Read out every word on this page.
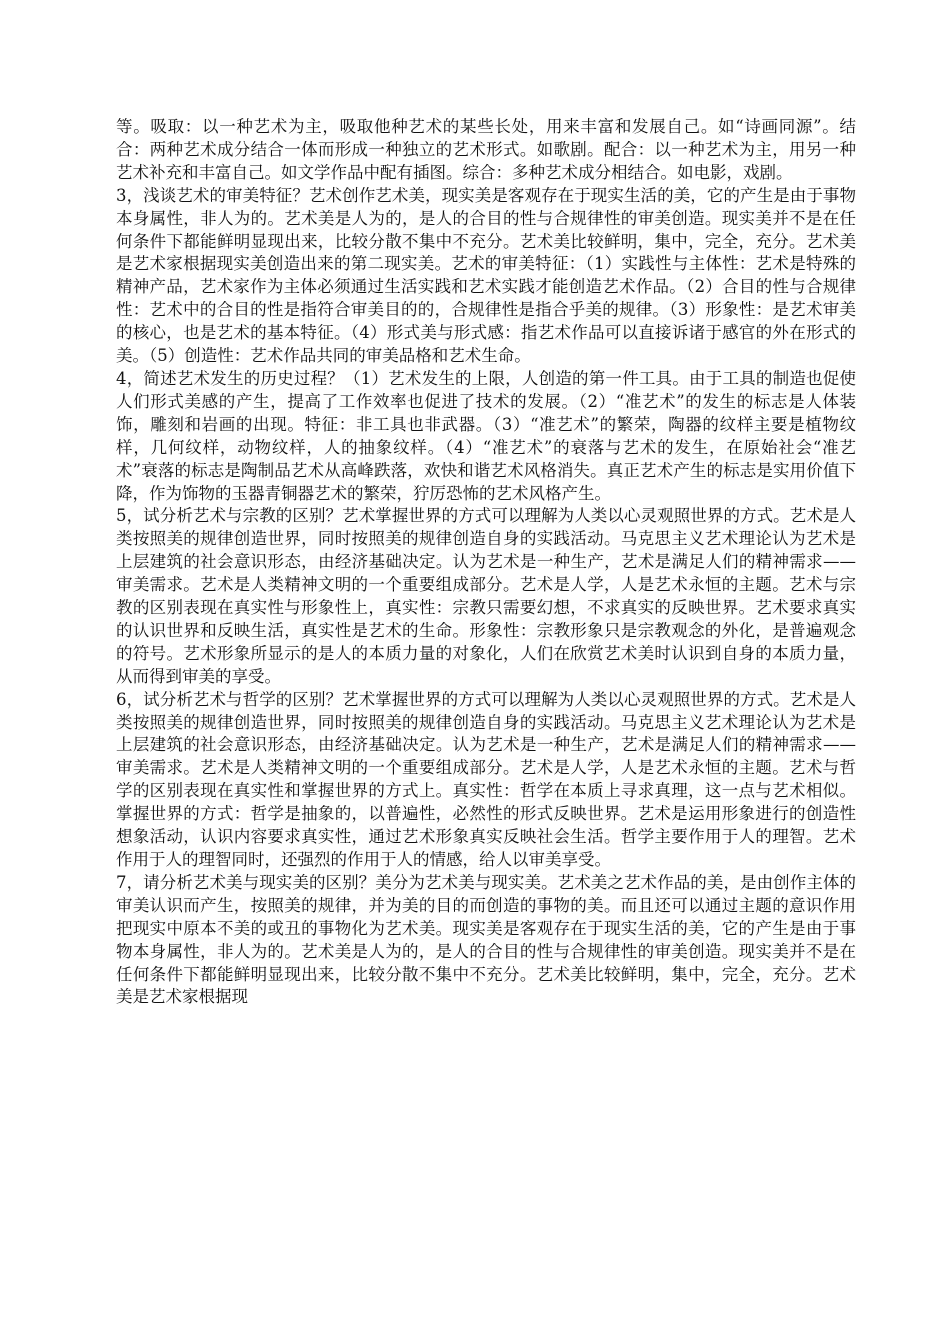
等。吸取：以一种艺术为主，吸取他种艺术的某些长处，用来丰富和发展自己。如“诗画同源”。结合：两种艺术成分结合一体而形成一种独立的艺术形式。如歌剧。配合：以一种艺术为主，用另一种艺术补充和丰富自己。如文学作品中配有插图。综合：多种艺术成分相结合。如电影，戏剧。

3，浅谈艺术的审美特征？艺术创作艺术美，现实美是客观存在于现实生活的美，它的产生是由于事物本身属性，非人为的。艺术美是人为的，是人的合目的性与合规律性的审美创造。现实美并不是在任何条件下都能鲜明显现出来，比较分散不集中不充分。艺术美比较鲜明，集中，完全，充分。艺术美是艺术家根据现实美创造出来的第二现实美。艺术的审美特征：（1）实践性与主体性：艺术是特殊的精神产品，艺术家作为主体必须通过生活实践和艺术实践才能创造艺术作品。（2）合目的性与合规律性：艺术中的合目的性是指符合审美目的的，合规律性是指合乎美的规律。（3）形象性：是艺术审美的核心，也是艺术的基本特征。（4）形式美与形式感：指艺术作品可以直接诉诸于感官的外在形式的美。（5）创造性：艺术作品共同的审美品格和艺术生命。

4，简述艺术发生的历史过程？（1）艺术发生的上限，人创造的第一件工具。由于工具的制造也促使人们形式美感的产生，提高了工作效率也促进了技术的发展。（2）“准艺术”的发生的标志是人体装饰，雕刻和岩画的出现。特征：非工具也非武器。（3）“准艺术”的繁荣，陶器的纹样主要是植物纹样，几何纹样，动物纹样，人的抽象纹样。（4）“准艺术”的衰落与艺术的发生，在原始社会“准艺术”衰落的标志是陶制品艺术从高峰跌落，欢快和谐艺术风格消失。真正艺术产生的标志是实用价值下降，作为饰物的玉器青铜器艺术的繁荣，狞厉恐怖的艺术风格产生。

5，试分析艺术与宗教的区别？艺术掌握世界的方式可以理解为人类以心灵观照世界的方式。艺术是人类按照美的规律创造世界，同时按照美的规律创造自身的实践活动。马克思主义艺术理论认为艺术是上层建筑的社会意识形态，由经济基础决定。认为艺术是一种生产，艺术是满足人们的精神需求——审美需求。艺术是人类精神文明的一个重要组成部分。艺术是人学，人是艺术永恒的主题。艺术与宗教的区别表现在真实性与形象性上，真实性：宗教只需要幻想，不求真实的反映世界。艺术要求真实的认识世界和反映生活，真实性是艺术的生命。形象性：宗教形象只是宗教观念的外化，是普遍观念的符号。艺术形象所显示的是人的本质力量的对象化，人们在欣赏艺术美时认识到自身的本质力量，从而得到审美的享受。

6，试分析艺术与哲学的区别？艺术掌握世界的方式可以理解为人类以心灵观照世界的方式。艺术是人类按照美的规律创造世界，同时按照美的规律创造自身的实践活动。马克思主义艺术理论认为艺术是上层建筑的社会意识形态，由经济基础决定。认为艺术是一种生产，艺术是满足人们的精神需求——审美需求。艺术是人类精神文明的一个重要组成部分。艺术是人学，人是艺术永恒的主题。艺术与哲学的区别表现在真实性和掌握世界的方式上。真实性：哲学在本质上寻求真理，这一点与艺术相似。掌握世界的方式：哲学是抽象的，以普遍性，必然性的形式反映世界。艺术是运用形象进行的创造性想象活动，认识内容要求真实性，通过艺术形象真实反映社会生活。哲学主要作用于人的理智。艺术作用于人的理智同时，还强烈的作用于人的情感，给人以审美享受。

7，请分析艺术美与现实美的区别？美分为艺术美与现实美。艺术美之艺术作品的美，是由创作主体的审美认识而产生，按照美的规律，并为美的目的而创造的事物的美。而且还可以通过主题的意识作用把现实中原本不美的或丑的事物化为艺术美。现实美是客观存在于现实生活的美，它的产生是由于事物本身属性，非人为的。艺术美是人为的，是人的合目的性与合规律性的审美创造。现实美并不是在任何条件下都能鲜明显现出来，比较分散不集中不充分。艺术美比较鲜明，集中，完全，充分。艺术美是艺术家根据现
